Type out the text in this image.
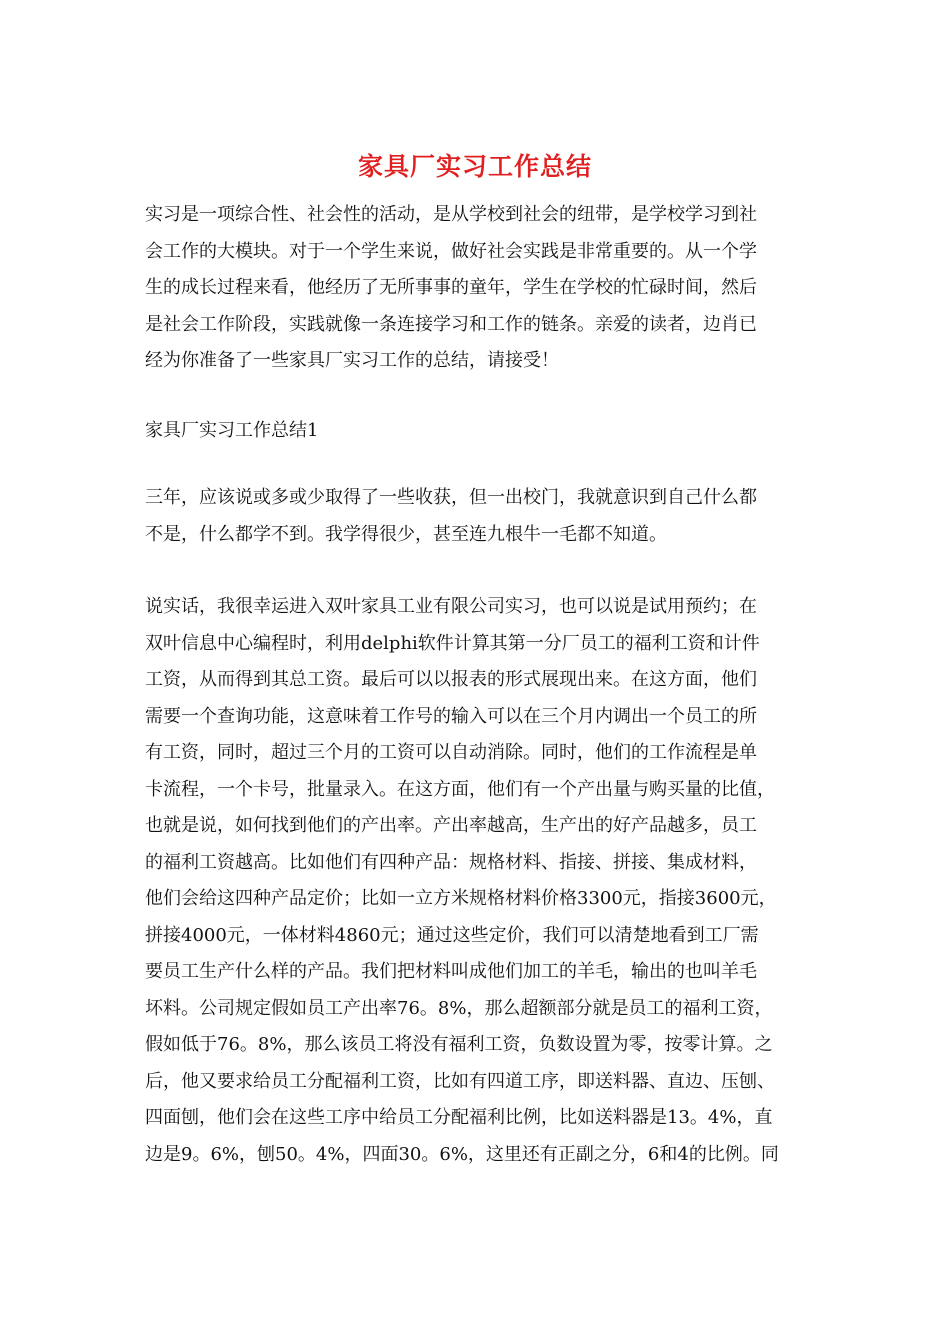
家具厂实习工作总结
实习是一项综合性、社会性的活动，是从学校到社会的纽带，是学校学习到社
会工作的大模块。对于一个学生来说，做好社会实践是非常重要的。从一个学
生的成长过程来看，他经历了无所事事的童年，学生在学校的忙碌时间，然后
是社会工作阶段，实践就像一条连接学习和工作的链条。亲爱的读者，边肖已
经为你准备了一些家具厂实习工作的总结，请接受！
家具厂实习工作总结1
三年，应该说或多或少取得了一些收获，但一出校门，我就意识到自己什么都
不是，什么都学不到。我学得很少，甚至连九根牛一毛都不知道。
说实话，我很幸运进入双叶家具工业有限公司实习，也可以说是试用预约；在
双叶信息中心编程时，利用delphi软件计算其第一分厂员工的福利工资和计件
工资，从而得到其总工资。最后可以以报表的形式展现出来。在这方面，他们
需要一个查询功能，这意味着工作号的输入可以在三个月内调出一个员工的所
有工资，同时，超过三个月的工资可以自动消除。同时，他们的工作流程是单
卡流程，一个卡号，批量录入。在这方面，他们有一个产出量与购买量的比值，
也就是说，如何找到他们的产出率。产出率越高，生产出的好产品越多，员工
的福利工资越高。比如他们有四种产品：规格材料、指接、拼接、集成材料，
他们会给这四种产品定价；比如一立方米规格材料价格3300元，指接3600元，
拼接4000元，一体材料4860元；通过这些定价，我们可以清楚地看到工厂需
要员工生产什么样的产品。我们把材料叫成他们加工的羊毛，输出的也叫羊毛
坏料。公司规定假如员工产出率76。8%，那么超额部分就是员工的福利工资，
假如低于76。8%，那么该员工将没有福利工资，负数设置为零，按零计算。之
后，他又要求给员工分配福利工资，比如有四道工序，即送料器、直边、压刨、
四面刨，他们会在这些工序中给员工分配福利比例，比如送料器是13。4%，直
边是9。6%，刨50。4%，四面30。6%，这里还有正副之分，6和4的比例。同
